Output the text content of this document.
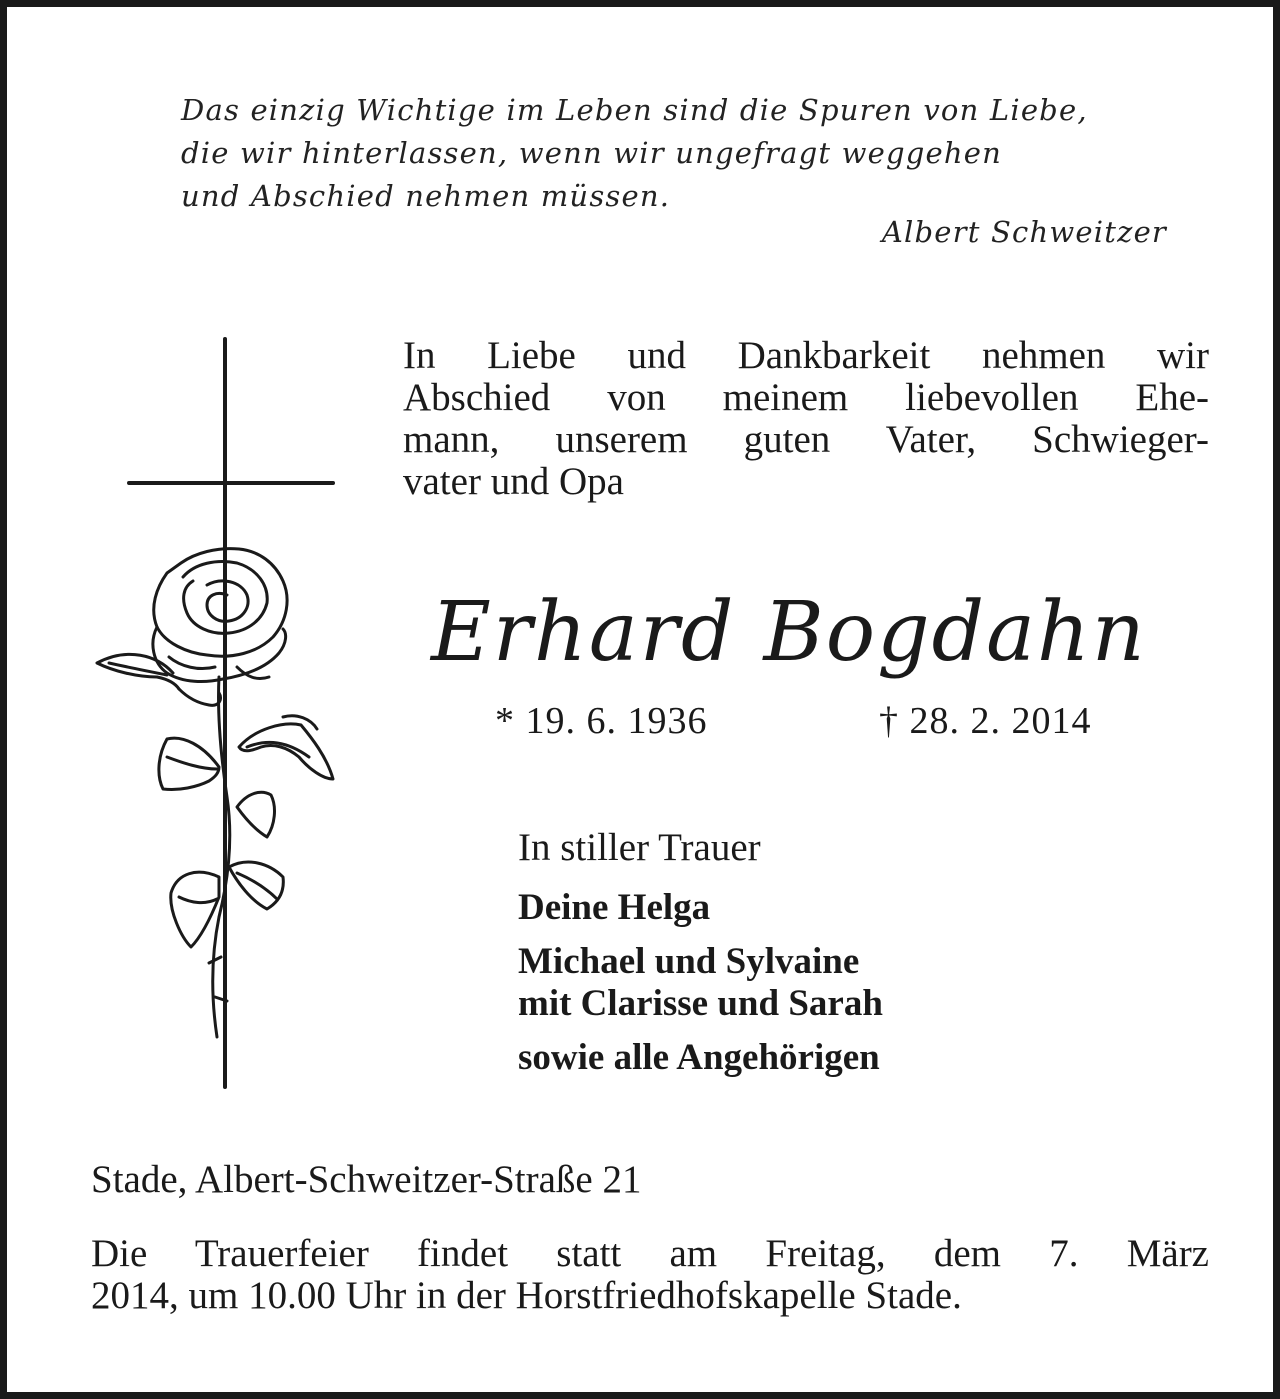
Das einzig Wichtige im Leben sind die Spuren von Liebe,
die wir hinterlassen, wenn wir ungefragt weggehen
und Abschied nehmen müssen.
Albert Schweitzer
In Liebe und Dankbarkeit nehmen wir
Abschied von meinem liebevollen Ehe-
mann, unserem guten Vater, Schwieger-
vater und Opa
Erhard Bogdahn
* 19. 6. 1936	† 28. 2. 2014
In stiller Trauer
Deine Helga
Michael und Sylvaine
mit Clarisse und Sarah
sowie alle Angehörigen
Stade, Albert-Schweitzer-Straße 21
Die Trauerfeier findet statt am Freitag, dem 7. März
2014, um 10.00 Uhr in der Horstfriedhofskapelle Stade.
